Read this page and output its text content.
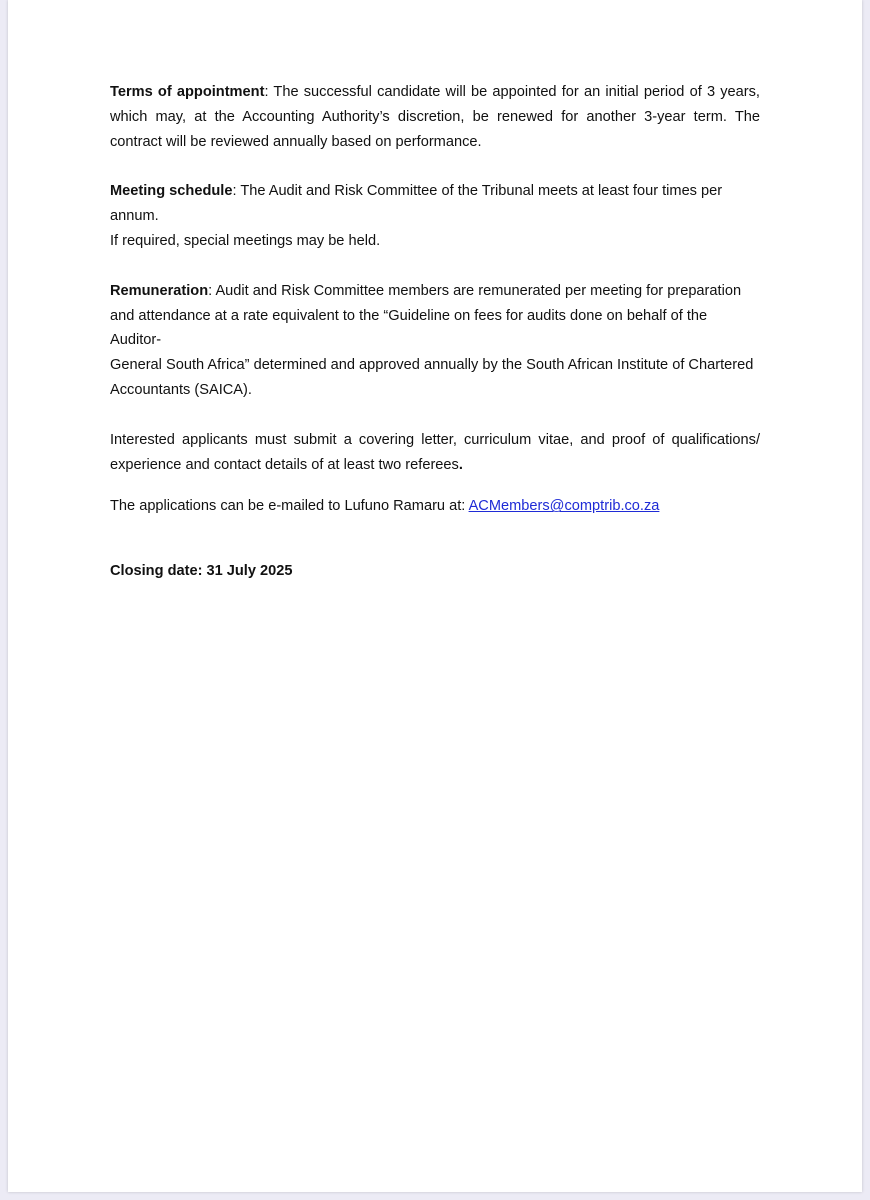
Terms of appointment: The successful candidate will be appointed for an initial period of 3 years, which may, at the Accounting Authority’s discretion, be renewed for another 3-year term. The contract will be reviewed annually based on performance.

Meeting schedule: The Audit and Risk Committee of the Tribunal meets at least four times per annum.
If required, special meetings may be held.

Remuneration: Audit and Risk Committee members are remunerated per meeting for preparation
and attendance at a rate equivalent to the “Guideline on fees for audits done on behalf of the Auditor-
General South Africa” determined and approved annually by the South African Institute of Chartered
Accountants (SAICA).

Interested applicants must submit a covering letter, curriculum vitae, and proof of qualifications/ experience and contact details of at least two referees.

The applications can be e-mailed to Lufuno Ramaru at: ACMembers@comptrib.co.za

Closing date: 31 July 2025
